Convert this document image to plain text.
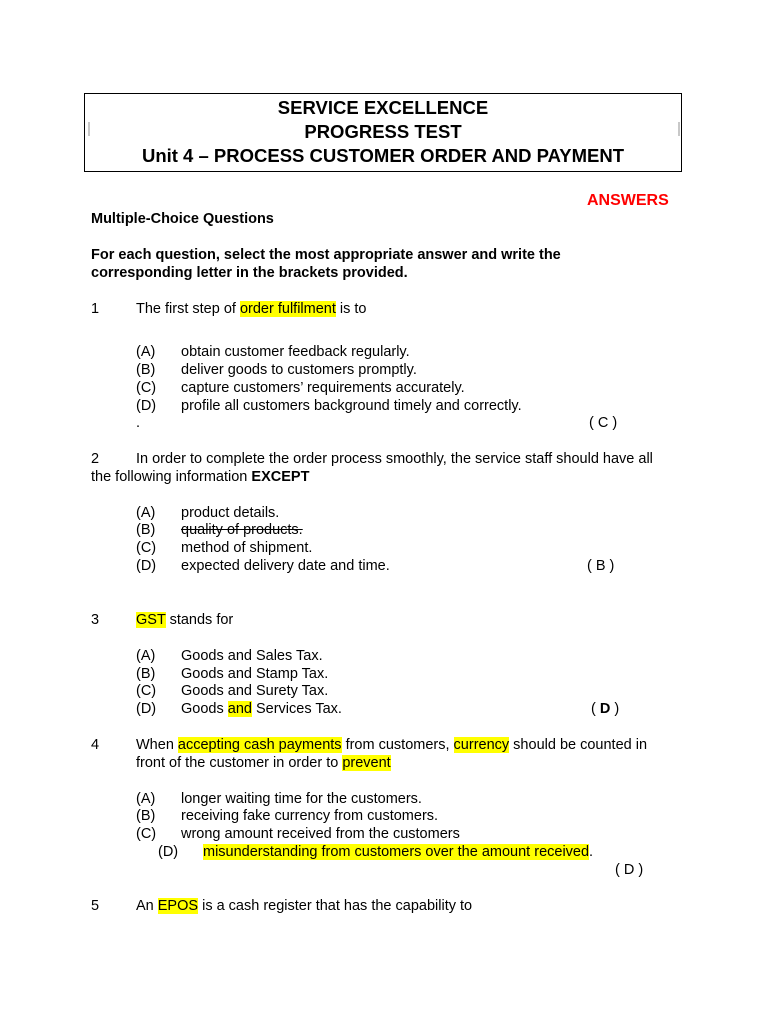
SERVICE EXCELLENCE
PROGRESS TEST
Unit 4 – PROCESS CUSTOMER ORDER AND PAYMENT
ANSWERS
Multiple-Choice Questions
For each question, select the most appropriate answer and write the
corresponding letter in the brackets provided.
1	The first step of order fulfilment is to
(A) obtain customer feedback regularly.
(B) deliver goods to customers promptly.
(C) capture customers’ requirements accurately.
(D) profile all customers background timely and correctly.
.	( C )
2	In order to complete the order process smoothly, the service staff should have all
the following information EXCEPT
(A) product details.
(B) quality of products.
(C) method of shipment.
(D) expected delivery date and time.	( B )
3	GST stands for
(A) Goods and Sales Tax.
(B) Goods and Stamp Tax.
(C) Goods and Surety Tax.
(D) Goods and Services Tax.	( D )
4	When accepting cash payments from customers, currency should be counted in
front of the customer in order to prevent
(A) longer waiting time for the customers.
(B) receiving fake currency from customers.
(C) wrong amount received from the customers
(D) misunderstanding from customers over the amount received.
( D )
5	An EPOS is a cash register that has the capability to
